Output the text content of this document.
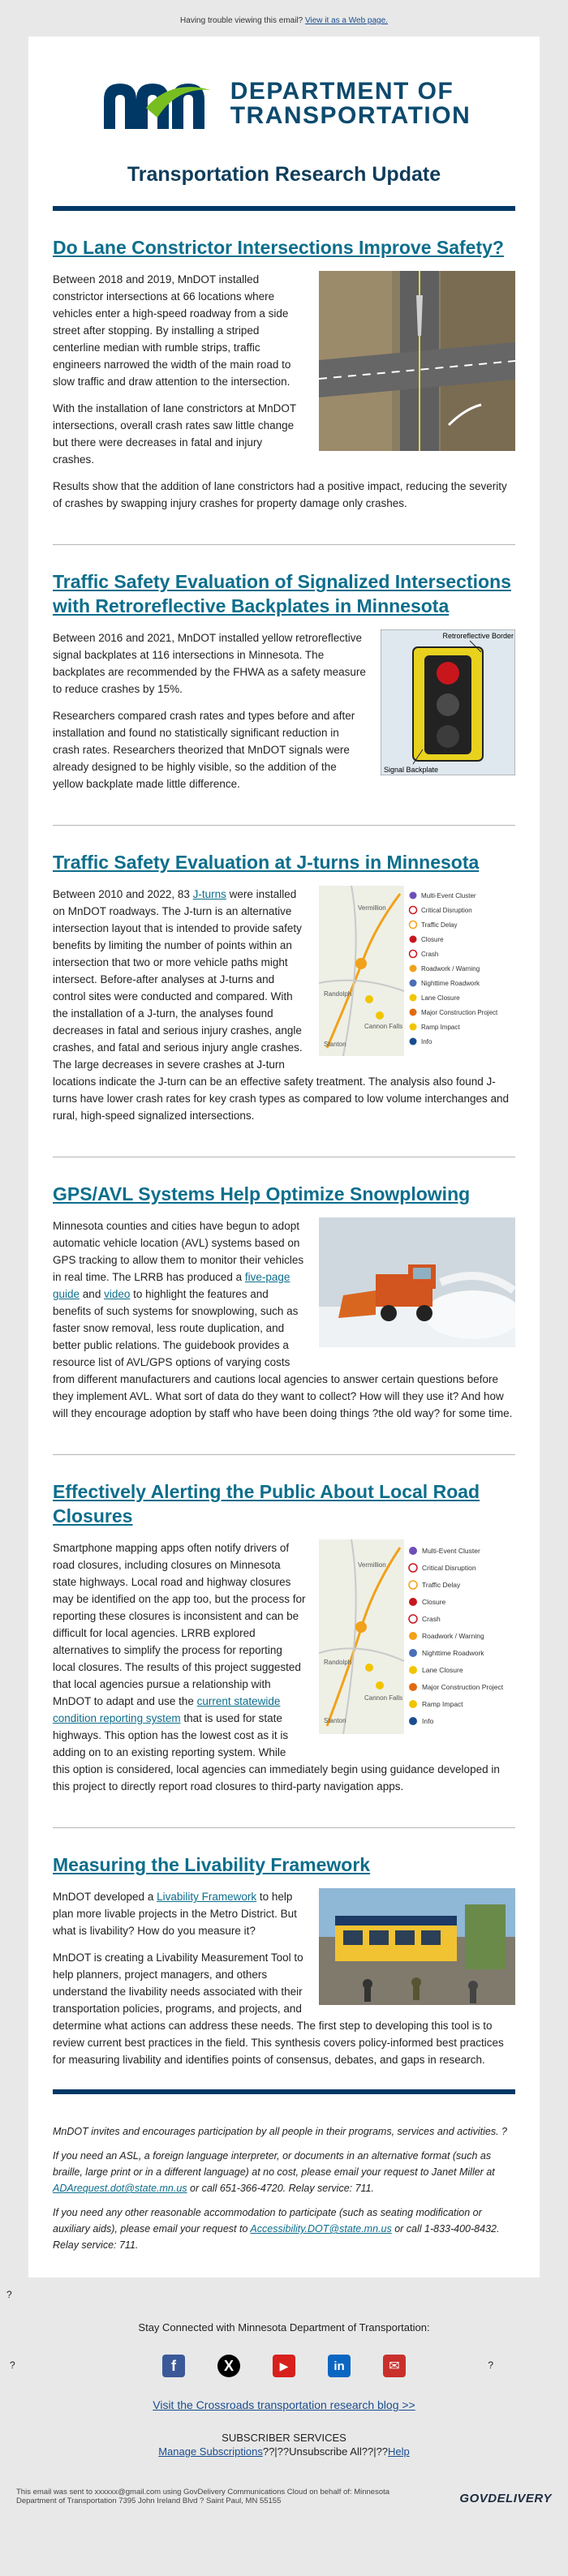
Having trouble viewing this email? View it as a Web page.
DEPARTMENT OF
TRANSPORTATION
Transportation Research Update
Do Lane Constrictor Intersections Improve Safety?

Between 2018 and 2019, MnDOT installed constrictor intersections at 66 locations where vehicles enter a high-speed roadway from a side street after stopping. By installing a striped centerline median with rumble strips, traffic engineers narrowed the width of the main road to slow traffic and draw attention to the intersection.

With the installation of lane constrictors at MnDOT intersections, overall crash rates saw little change but there were decreases in fatal and injury crashes.

Results show that the addition of lane constrictors had a positive impact, reducing the severity of crashes by swapping injury crashes for property damage only crashes.

Traffic Safety Evaluation of Signalized Intersections with Retroreflective Backplates in Minnesota
Retroreflective Border
Signal Backplate

Between 2016 and 2021, MnDOT installed yellow retroreflective signal backplates at 116 intersections in Minnesota. The backplates are recommended by the FHWA as a safety measure to reduce crashes by 15%.

Researchers compared crash rates and types before and after installation and found no statistically significant reduction in crash rates. Researchers theorized that MnDOT signals were already designed to be highly visible, so the addition of the yellow backplate made little difference.

Traffic Safety Evaluation at J-turns in Minnesota
Vermillion
Randolph
Cannon Falls
Stanton
Multi-Event Cluster
Critical Disruption
Traffic Delay
Closure
Crash
Roadwork / Warning
Nighttime Roadwork
Lane Closure
Major Construction Project
Ramp Impact
Info

Between 2010 and 2022, 83 J-turns were installed on MnDOT roadways. The J-turn is an alternative intersection layout that is intended to provide safety benefits by limiting the number of points within an intersection that two or more vehicle paths might intersect. Before-after analyses at J-turns and control sites were conducted and compared. With the installation of a J-turn, the analyses found decreases in fatal and serious injury crashes, angle crashes, and fatal and serious injury angle crashes. The large decreases in severe crashes at J-turn locations indicate the J-turn can be an effective safety treatment. The analysis also found J-turns have lower crash rates for key crash types as compared to low volume interchanges and rural, high-speed signalized intersections.

GPS/AVL Systems Help Optimize Snowplowing

Minnesota counties and cities have begun to adopt automatic vehicle location (AVL) systems based on GPS tracking to allow them to monitor their vehicles in real time. The LRRB has produced a five-page guide and video to highlight the features and benefits of such systems for snowplowing, such as faster snow removal, less route duplication, and better public relations. The guidebook provides a resource list of AVL/GPS options of varying costs from different manufacturers and cautions local agencies to answer certain questions before they implement AVL. What sort of data do they want to collect? How will they use it? And how will they encourage adoption by staff who have been doing things ?the old way? for some time.

Effectively Alerting the Public About Local Road Closures
Vermillion
Randolph
Cannon Falls
Stanton
Multi-Event Cluster
Critical Disruption
Traffic Delay
Closure
Crash
Roadwork / Warning
Nighttime Roadwork
Lane Closure
Major Construction Project
Ramp Impact
Info

Smartphone mapping apps often notify drivers of road closures, including closures on Minnesota state highways. Local road and highway closures may be identified on the app too, but the process for reporting these closures is inconsistent and can be difficult for local agencies. LRRB explored alternatives to simplify the process for reporting local closures. The results of this project suggested that local agencies pursue a relationship with MnDOT to adapt and use the current statewide condition reporting system that is used for state highways. This option has the lowest cost as it is adding on to an existing reporting system. While this option is considered, local agencies can immediately begin using guidance developed in this project to directly report road closures to third-party navigation apps.

Measuring the Livability Framework

MnDOT developed a Livability Framework to help plan more livable projects in the Metro District. But what is livability? How do you measure it?

MnDOT is creating a Livability Measurement Tool to help planners, project managers, and others understand the livability needs associated with their transportation policies, programs, and projects, and determine what actions can address these needs. The first step to developing this tool is to review current best practices in the field. This synthesis covers policy-informed best practices for measuring livability and identifies points of consensus, debates, and gaps in research.

MnDOT invites and encourages participation by all people in their programs, services and activities. ?

If you need an ASL, a foreign language interpreter, or documents in an alternative format (such as braille, large print or in a different language) at no cost, please email your request to Janet Miller at ADArequest.dot@state.mn.us or call 651-366-4720. Relay service: 711.

If you need any other reasonable accommodation to participate (such as seating modification or auxiliary aids), please email your request to Accessibility.DOT@state.mn.us or call 1-833-400-8432. Relay service: 711.

?
Stay Connected with Minnesota Department of Transportation:
?	f	X	▶	in	✉	?
Visit the Crossroads transportation research blog >>
SUBSCRIBER SERVICES
Manage Subscriptions??|??Unsubscribe All??|??Help
This email was sent to xxxxxx@gmail.com using GovDelivery Communications Cloud on behalf of: Minnesota
Department of Transportation 7395 John Ireland Blvd ? Saint Paul, MN 55155	GOVDELIVERY
